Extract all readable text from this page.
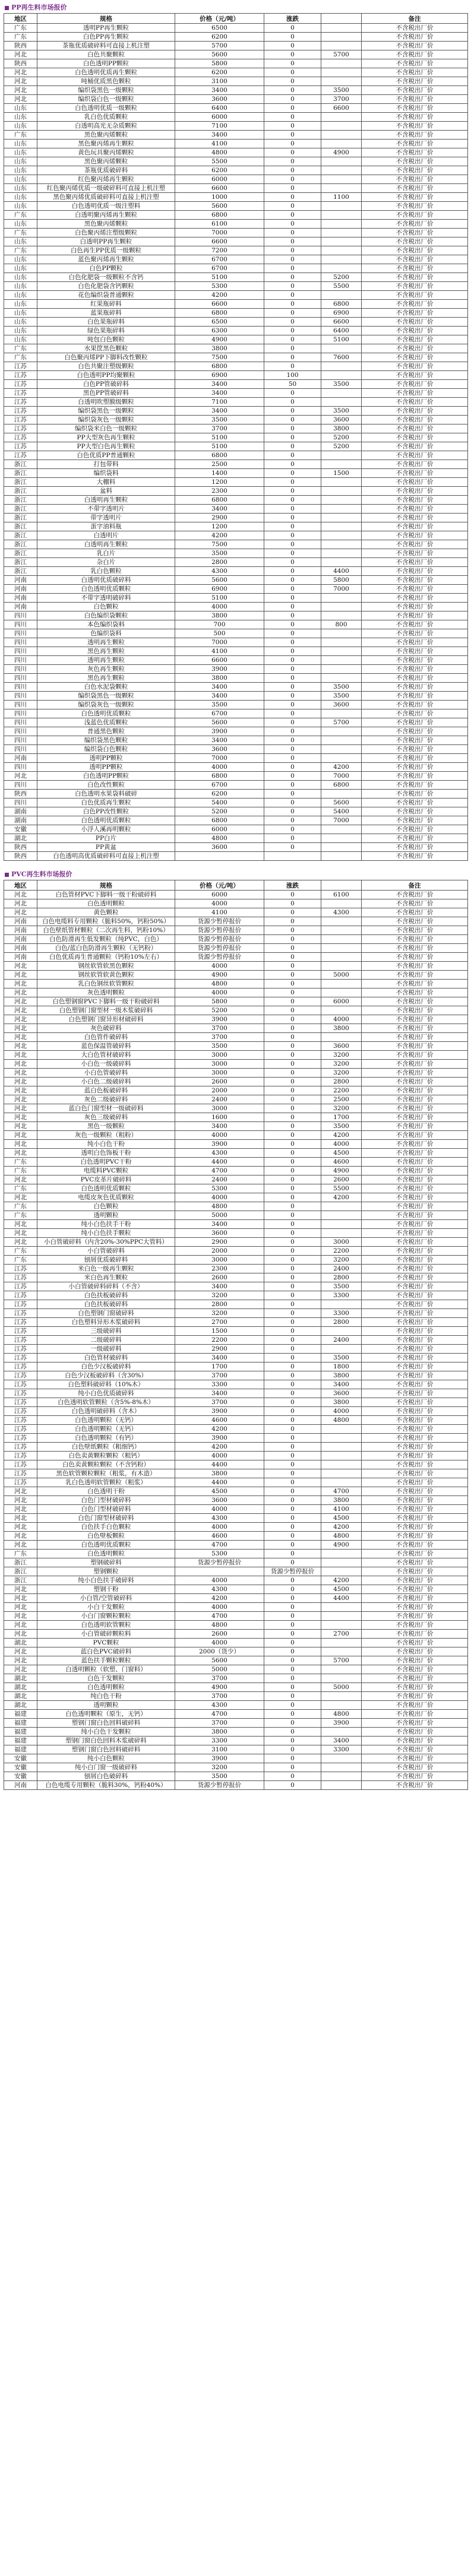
PP再生料市场报价
地区	规格	价格（元/吨）	涨跌		备注
广东	透明PP再生颗粒	6500	0		不含税出厂价
广东	白色PP再生颗粒	6200	0		不含税出厂价
陕西	茶瓶优质破碎料可直接上机注塑	5700	0		不含税出厂价
河北	白色共聚颗粒	5600	0	5700	不含税出厂价
陕西	白色透明PP颗粒	5800	0		不含税出厂价
河北	白色透明优质再生颗粒	6200	0		不含税出厂价
河北	吨桶优质黑色颗粒	3100	0		不含税出厂价
河北	编织袋黑色一级颗粒	3400	0	3500	不含税出厂价
河北	编织袋白色一级颗粒	3600	0	3700	不含税出厂价
山东	白色透明优质一级颗粒	6400	0	6600	不含税出厂价
山东	乳白色优质颗粒	6000	0		不含税出厂价
山东	白透明高光无杂质颗粒	7100	0		不含税出厂价
广东	黑色聚丙烯颗粒	3400	0		不含税出厂价
山东	黑色聚丙烯再生颗粒	4100	0		不含税出厂价
山东	黄色玩具聚丙烯颗粒	4800	0	4900	不含税出厂价
山东	黑色聚丙烯颗粒	5500	0		不含税出厂价
山东	茶瓶优质破碎料	6200	0		不含税出厂价
山东	红色聚丙烯再生颗粒	6000	0		不含税出厂价
山东	红色聚丙烯优质一级破碎料可直接上机注塑	6600	0		不含税出厂价
山东	黑色聚丙烯优质破碎料可直接上机注塑	1000	0	1100	不含税出厂价
山东	白色透明优质一级注塑料	5600	0		不含税出厂价
广东	白透明聚丙烯再生颗粒	6800	0		不含税出厂价
山东	黑色聚丙烯颗粒	6100	0		不含税出厂价
广东	白色聚丙烯注塑级颗粒	7000	0		不含税出厂价
山东	白透明PP再生颗粒	6600	0		不含税出厂价
广东	白色再生PP优质一级颗粒	7200	0		不含税出厂价
山东	蓝色聚丙烯再生颗粒	6700	0		不含税出厂价
山东	白色PP颗粒	6700	0		不含税出厂价
山东	白色化肥袋一级颗粒不含钙	5100	0	5200	不含税出厂价
山东	白色化肥袋含钙颗粒	5300	0	5500	不含税出厂价
山东	花色编织袋普通颗粒	4200	0		不含税出厂价
山东	红果瓶碎料	6600	0	6800	不含税出厂价
山东	蓝果瓶碎料	6800	0	6900	不含税出厂价
山东	白色果瓶碎料	6500	0	6600	不含税出厂价
山东	绿色果瓶碎料	6300	0	6400	不含税出厂价
山东	吨包白色颗粒	4900	0	5100	不含税出厂价
广东	水果筐黑色颗粒	3800	0		不含税出厂价
广东	白色聚丙烯PP下脚料改性颗粒	7500	0	7600	不含税出厂价
江苏	白色共聚注塑级颗粒	6800	0		不含税出厂价
江苏	白色透明PP均聚颗粒	6900	100		不含税出厂价
江苏	白色PP管破碎料	3400	50	3500	不含税出厂价
江苏	黑色PP管破碎料	3400	0		不含税出厂价
江苏	白透明吹塑膜级颗粒	7100	0		不含税出厂价
江苏	编织袋黑色一级颗粒	3400	0	3500	不含税出厂价
江苏	编织袋灰色一级颗粒	3500	0	3600	不含税出厂价
江苏	编织袋米白色一级颗粒	3700	0	3800	不含税出厂价
江苏	PP大型灰色再生颗粒	5100	0	5200	不含税出厂价
江苏	PP大型白色再生颗粒	5100	0	5200	不含税出厂价
江苏	白色优质PP普通颗粒	6800	0		不含税出厂价
浙江	打包带料	2500	0		不含税出厂价
浙江	编织袋料	1400	0	1500	不含税出厂价
浙江	大棚料	1200	0		不含税出厂价
浙江	盆料	2300	0		不含税出厂价
浙江	白透明再生颗粒	6800	0		不含税出厂价
浙江	不带字透明片	3400	0		不含税出厂价
浙江	带字透明片	2900	0		不含税出厂价
浙江	蛋字油料瓶	1200	0		不含税出厂价
浙江	白透明片	4200	0		不含税出厂价
浙江	白透明再生颗粒	7500	0		不含税出厂价
浙江	乳白片	3500	0		不含税出厂价
浙江	杂白片	2800	0		不含税出厂价
浙江	乳白色颗粒	4300	0	4400	不含税出厂价
河南	白透明优质破碎料	5600	0	5800	不含税出厂价
河南	白色透明优质颗粒	6900	0	7000	不含税出厂价
河南	不带字透明破碎料	5100	0		不含税出厂价
河南	白色颗粒	4000	0		不含税出厂价
四川	白色编织袋颗粒	3800	0		不含税出厂价
四川	本色编织袋料	700	0	800	不含税出厂价
四川	色编织袋料	500	0		不含税出厂价
四川	透明再生颗粒	7000	0		不含税出厂价
四川	黑色再生颗粒	4100	0		不含税出厂价
四川	透明再生颗粒	6600	0		不含税出厂价
四川	灰色再生颗粒	3900	0		不含税出厂价
四川	黑色再生颗粒	3800	0		不含税出厂价
四川	白色水泥袋颗粒	3400	0	3500	不含税出厂价
四川	编织袋黑色一级颗粒	3400	0	3500	不含税出厂价
四川	编织袋灰色一级颗粒	3500	0	3600	不含税出厂价
四川	白色透明优质颗粒	6700	0		不含税出厂价
四川	浅蓝色优质颗粒	5600	0	5700	不含税出厂价
四川	普通黑色颗粒	3900	0		不含税出厂价
四川	编织袋黑色颗粒	3400	0		不含税出厂价
四川	编织袋白色颗粒	3600	0		不含税出厂价
河南	透明PP颗粒	7000	0		不含税出厂价
四川	透明PP颗粒	4000	0	4200	不含税出厂价
河北	白色透明PP颗粒	6800	0	7000	不含税出厂价
四川	白色改性颗粒	6700	0	6800	不含税出厂价
陕西	白色透明水果袋料破碎	6200	0		不含税出厂价
四川	白色优质再生颗粒	5400	0	5600	不含税出厂价
湖南	白色PP改性颗粒	5200	0	5400	不含税出厂价
湖南	白色透明优质颗粒	6800	0	7000	不含税出厂价
安徽	小浮人溪再明颗粒	6000	0		不含税出厂价
湖北	PP白片	4800	0		不含税出厂价
陕西	PP黄盆	3600	0		不含税出厂价
陕西	白色透明高优质破碎料可直接上机注塑				不含税出厂价
PVC再生料市场报价
地区	规格	价格（元/吨）	涨跌		备注
河北	白色管材PVC下脚料一级干粉破碎料	6000	0	6100	不含税出厂价
河北	白色透明颗粒	4000	0		不含税出厂价
河北	黄色颗粒	4100	0	4300	不含税出厂价
河南	白色电缆料专用颗粒（脆料50%，钙粉50%）	货源少暂停报价	0		不含税出厂价
河南	白色壁纸管材颗粒（二次再生料，钙粉10%）	货源少暂停报价	0		不含税出厂价
河南	白色防滑再生低发颗粒（纯PVC，白色）	货源少暂停报价	0		不含税出厂价
河南	白色/蓝白色防滑再生颗粒（无钙粉）	货源少暂停报价	0		不含税出厂价
河南	白色优质再生普通颗粒（钙粉10%左右）	货源少暂停报价	0		不含税出厂价
河北	钢丝软管软黑色颗粒	4000	0		不含税出厂价
河北	钢丝软管软黄色颗粒	4900	0	5000	不含税出厂价
河北	乳白色钢丝软管颗粒	4800	0		不含税出厂价
河北	灰色透明颗粒	4000	0		不含税出厂价
河北	白色塑钢窗PVC下脚料一级干粉破碎料	5800	0	6000	不含税出厂价
河北	白色塑钢门窗型材一级木浆破碎料	5200	0		不含税出厂价
河北	白色塑钢门窗异形材破碎料	3900	0	4000	不含税出厂价
河北	灰色破碎料	3700	0	3800	不含税出厂价
河北	白色管件破碎料	3700	0		不含税出厂价
河北	蓝色保温管破碎料	3500	0	3600	不含税出厂价
河北	大白色管材破碎料	3000	0	3200	不含税出厂价
河北	小白色一级破碎料	3000	0	3200	不含税出厂价
河北	小白色管破碎料	3000	0	3200	不含税出厂价
河北	小白色二级破碎料	2600	0	2800	不含税出厂价
河北	蓝白色板破碎料	2000	0	2200	不含税出厂价
河北	灰色二级破碎料	2400	0	2500	不含税出厂价
河北	蓝白色门窗型材一级破碎料	3000	0	3200	不含税出厂价
河北	灰色三级破碎料	1600	0	1700	不含税出厂价
河北	黑色一级颗粒	3400	0	3500	不含税出厂价
河北	灰色一级颗粒（粗粉）	4000	0	4200	不含税出厂价
河北	纯小白色干粉	3900	0	4000	不含税出厂价
河北	透明白色饰板干粉	4300	0	4500	不含税出厂价
广东	白色透明PVC干粉	4400	0	4600	不含税出厂价
广东	电缆料PVC颗粒	4700	0	4900	不含税出厂价
河北	PVC皮革片破碎料	2400	0	2600	不含税出厂价
广东	白色透明优质颗粒	5300	0	5500	不含税出厂价
河北	电缆皮灰色优质颗粒	4000	0	4200	不含税出厂价
广东	白色颗粒	4800	0		不含税出厂价
广东	透明颗粒	5000	0		不含税出厂价
河北	纯小白色扶手干粉	3400	0		不含税出厂价
河北	纯小白色扶手颗粒	3600	0		不含税出厂价
河北	小白管破碎料（内含20%-30%PPC大管料）	2900	0	3000	不含税出厂价
广东	小白管破碎料	2000	0	2200	不含税出厂价
广东	刨屑优质破碎料	3000	0	3200	不含税出厂价
江苏	米白色一级再生颗粒	2300	0	2400	不含税出厂价
江苏	米白色再生颗粒	2600	0	2800	不含税出厂价
江苏	小白管破碎料碎料（不含）	3400	0	3500	不含税出厂价
江苏	白色扶板破碎料	3200	0	3300	不含税出厂价
江苏	白色扶板破碎料	2800	0		不含税出厂价
江苏	白色塑钢门窗破碎料	3200	0	3300	不含税出厂价
江苏	白色塑料异形木浆破碎料	2700	0	2800	不含税出厂价
江苏	三级破碎料	1500	0		不含税出厂价
江苏	二级破碎料	2200	0	2400	不含税出厂价
江苏	一级破碎料	2900	0		不含税出厂价
江苏	白色管材破碎料	3400	0	3500	不含税出厂价
江苏	白色少汉板破碎料	1700	0	1800	不含税出厂价
江苏	白色少汉板破碎料（含30%）	3700	0	3800	不含税出厂价
江苏	白色塑料破碎料（10%木）	3300	0	3400	不含税出厂价
江苏	纯小白色优质破碎料	3400	0	3600	不含税出厂价
江苏	白色透明软管颗粒（含5%-8%木）	3700	0	3800	不含税出厂价
江苏	白色透明破碎料（含木）	3900	0	4000	不含税出厂价
江苏	白色透明颗粒（无钙）	4600	0	4800	不含税出厂价
江苏	白色透明颗粒（无钙）	4200	0		不含税出厂价
江苏	白色透明颗粒（有钙）	3900	0		不含税出厂价
江苏	白色壁纸颗粒（粗细钙）	4200	0		不含税出厂价
江苏	白色卖黄颗粒颗粒（粗钙）	4000	0		不含税出厂价
江苏	白色卖黄颗粒颗粒（不含钙粉）	4400	0		不含税出厂价
江苏	黑色软管颗粒颗粒（粗浆，有木造）	3800	0		不含税出厂价
江苏	乳白色透明软管颗粒（粗浆）	4400	0		不含税出厂价
河北	白色透明干粉	4500	0	4700	不含税出厂价
河北	白色门型材破碎料	3600	0	3800	不含税出厂价
河北	白色门型材破碎料	4000	0	4100	不含税出厂价
河北	白色门窗型材破碎料	4300	0	4500	不含税出厂价
河北	白色扶手白色颗粒	4000	0	4200	不含税出厂价
河北	白色壁板颗粒	4600	0	4800	不含税出厂价
河北	白色透明优质颗粒	4700	0	4900	不含税出厂价
广东	白色透明颗粒	5300	0		不含税出厂价
浙江	塑钢破碎料	货源少暂停报价	0		不含税出厂价
浙江	塑钢颗粒		货源少暂停报价		不含税出厂价
浙江	纯小白色扶手破碎料	4000	0	4200	不含税出厂价
河北	塑钢干粉	4300	0	4500	不含税出厂价
河北	小白管/空管破碎料	4200	0	4400	不含税出厂价
河北	小白干发颗粒	4000	0		不含税出厂价
河北	小白门窗颗粒颗粒	4700	0		不含税出厂价
河北	白色透明软管颗粒	4800	0		不含税出厂价
河北	小白管破碎颗粒料	2600	0	2700	不含税出厂价
湖北	PVC颗粒	4000	0		不含税出厂价
河北	蓝白色PVC破碎料	2000（货少）	0		不含税出厂价
河北	蓝色扶手颗粒颗粒	5600	0	5700	不含税出厂价
河北	白透明颗粒（软塑、门窗料）	5000	0		不含税出厂价
湖北	白色干发颗粒	3700	0		不含税出厂价
湖北	白色透明颗粒	4900	0	5000	不含税出厂价
湖北	纯白色干粉	3700	0		不含税出厂价
湖北	透明颗粒	4300	0		不含税出厂价
福建	白色透明颗粒（原生，无钙）	4700	0	4800	不含税出厂价
福建	塑钢门窗白色回料破碎料	3700	0	3900	不含税出厂价
福建	纯小白色干发颗粒	3800	0		不含税出厂价
福建	塑钢门窗白色回料木浆破碎料	3300	0	3400	不含税出厂价
福建	塑钢门窗白色回料破碎料	3100	0	3300	不含税出厂价
安徽	纯小白色颗粒	3900	0		不含税出厂价
安徽	纯小白门窗一级破碎料	3200	0		不含税出厂价
安徽	刨屑白色破碎料	3500	0		不含税出厂价
河南	白色电缆专用颗粒（脆料30%，钙粉40%）	货源少暂停报价	0		不含税出厂价
